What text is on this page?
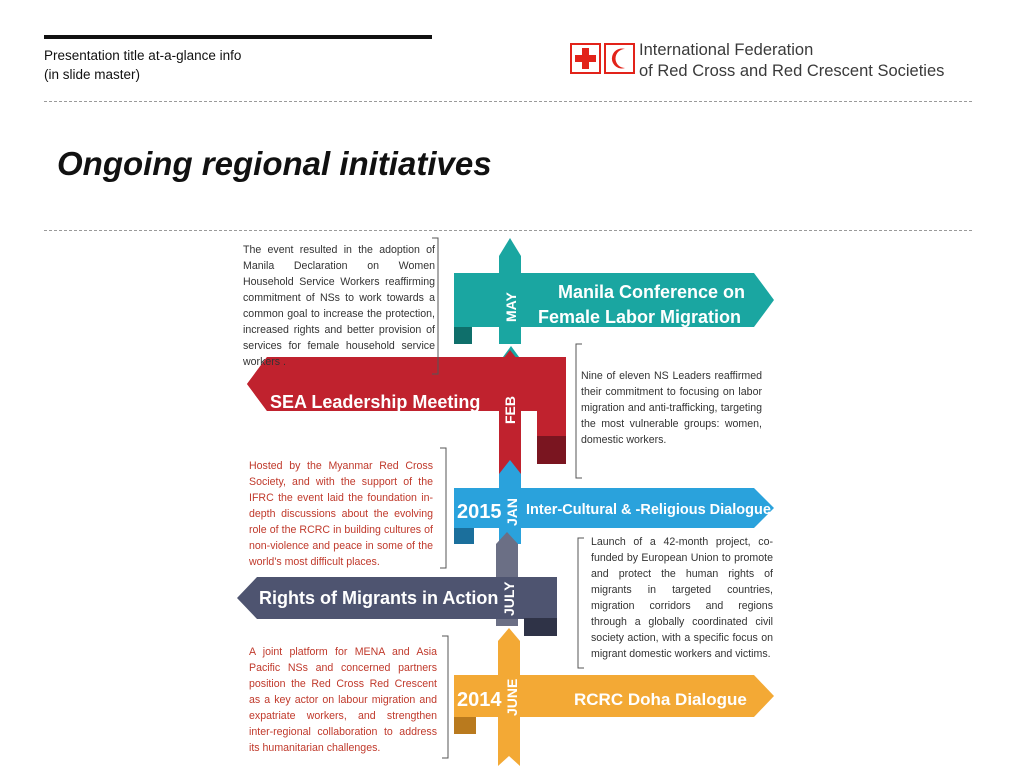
Presentation title at-a-glance info
(in slide master)
International Federation
of Red Cross and Red Crescent Societies
Ongoing regional initiatives
MAY
Manila Conference on
Female Labor Migration
FEB
SEA Leadership Meeting
2015 JAN Inter-Cultural & -Religious Dialogue
JULY
Rights of Migrants in Action
2014 JUNE	RCRC Doha Dialogue
The event resulted in the adoption of Manila Declaration on Women Household Service Workers reaffirming commitment of NSs to work towards a common goal to increase the protection, increased rights and better provision of services for female household service workers .
Nine of eleven NS Leaders reaffirmed their commitment to focusing on labor migration and anti-trafficking, targeting the most vulnerable groups: women, domestic workers.
Hosted by the Myanmar Red Cross Society, and with the support of the IFRC the event laid the foundation in-depth discussions about the evolving role of the RCRC in building cultures of non-violence and peace in some of the world's most difficult places.
Launch of a 42-month project, co-funded by European Union to promote and protect the human rights of migrants in targeted countries, migration corridors and regions through a globally coordinated civil society action, with a specific focus on migrant domestic workers and victims.
A joint platform for MENA and Asia Pacific NSs and concerned partners position the Red Cross Red Crescent as a key actor on labour migration and expatriate workers, and strengthen inter-regional collaboration to address its humanitarian challenges.
